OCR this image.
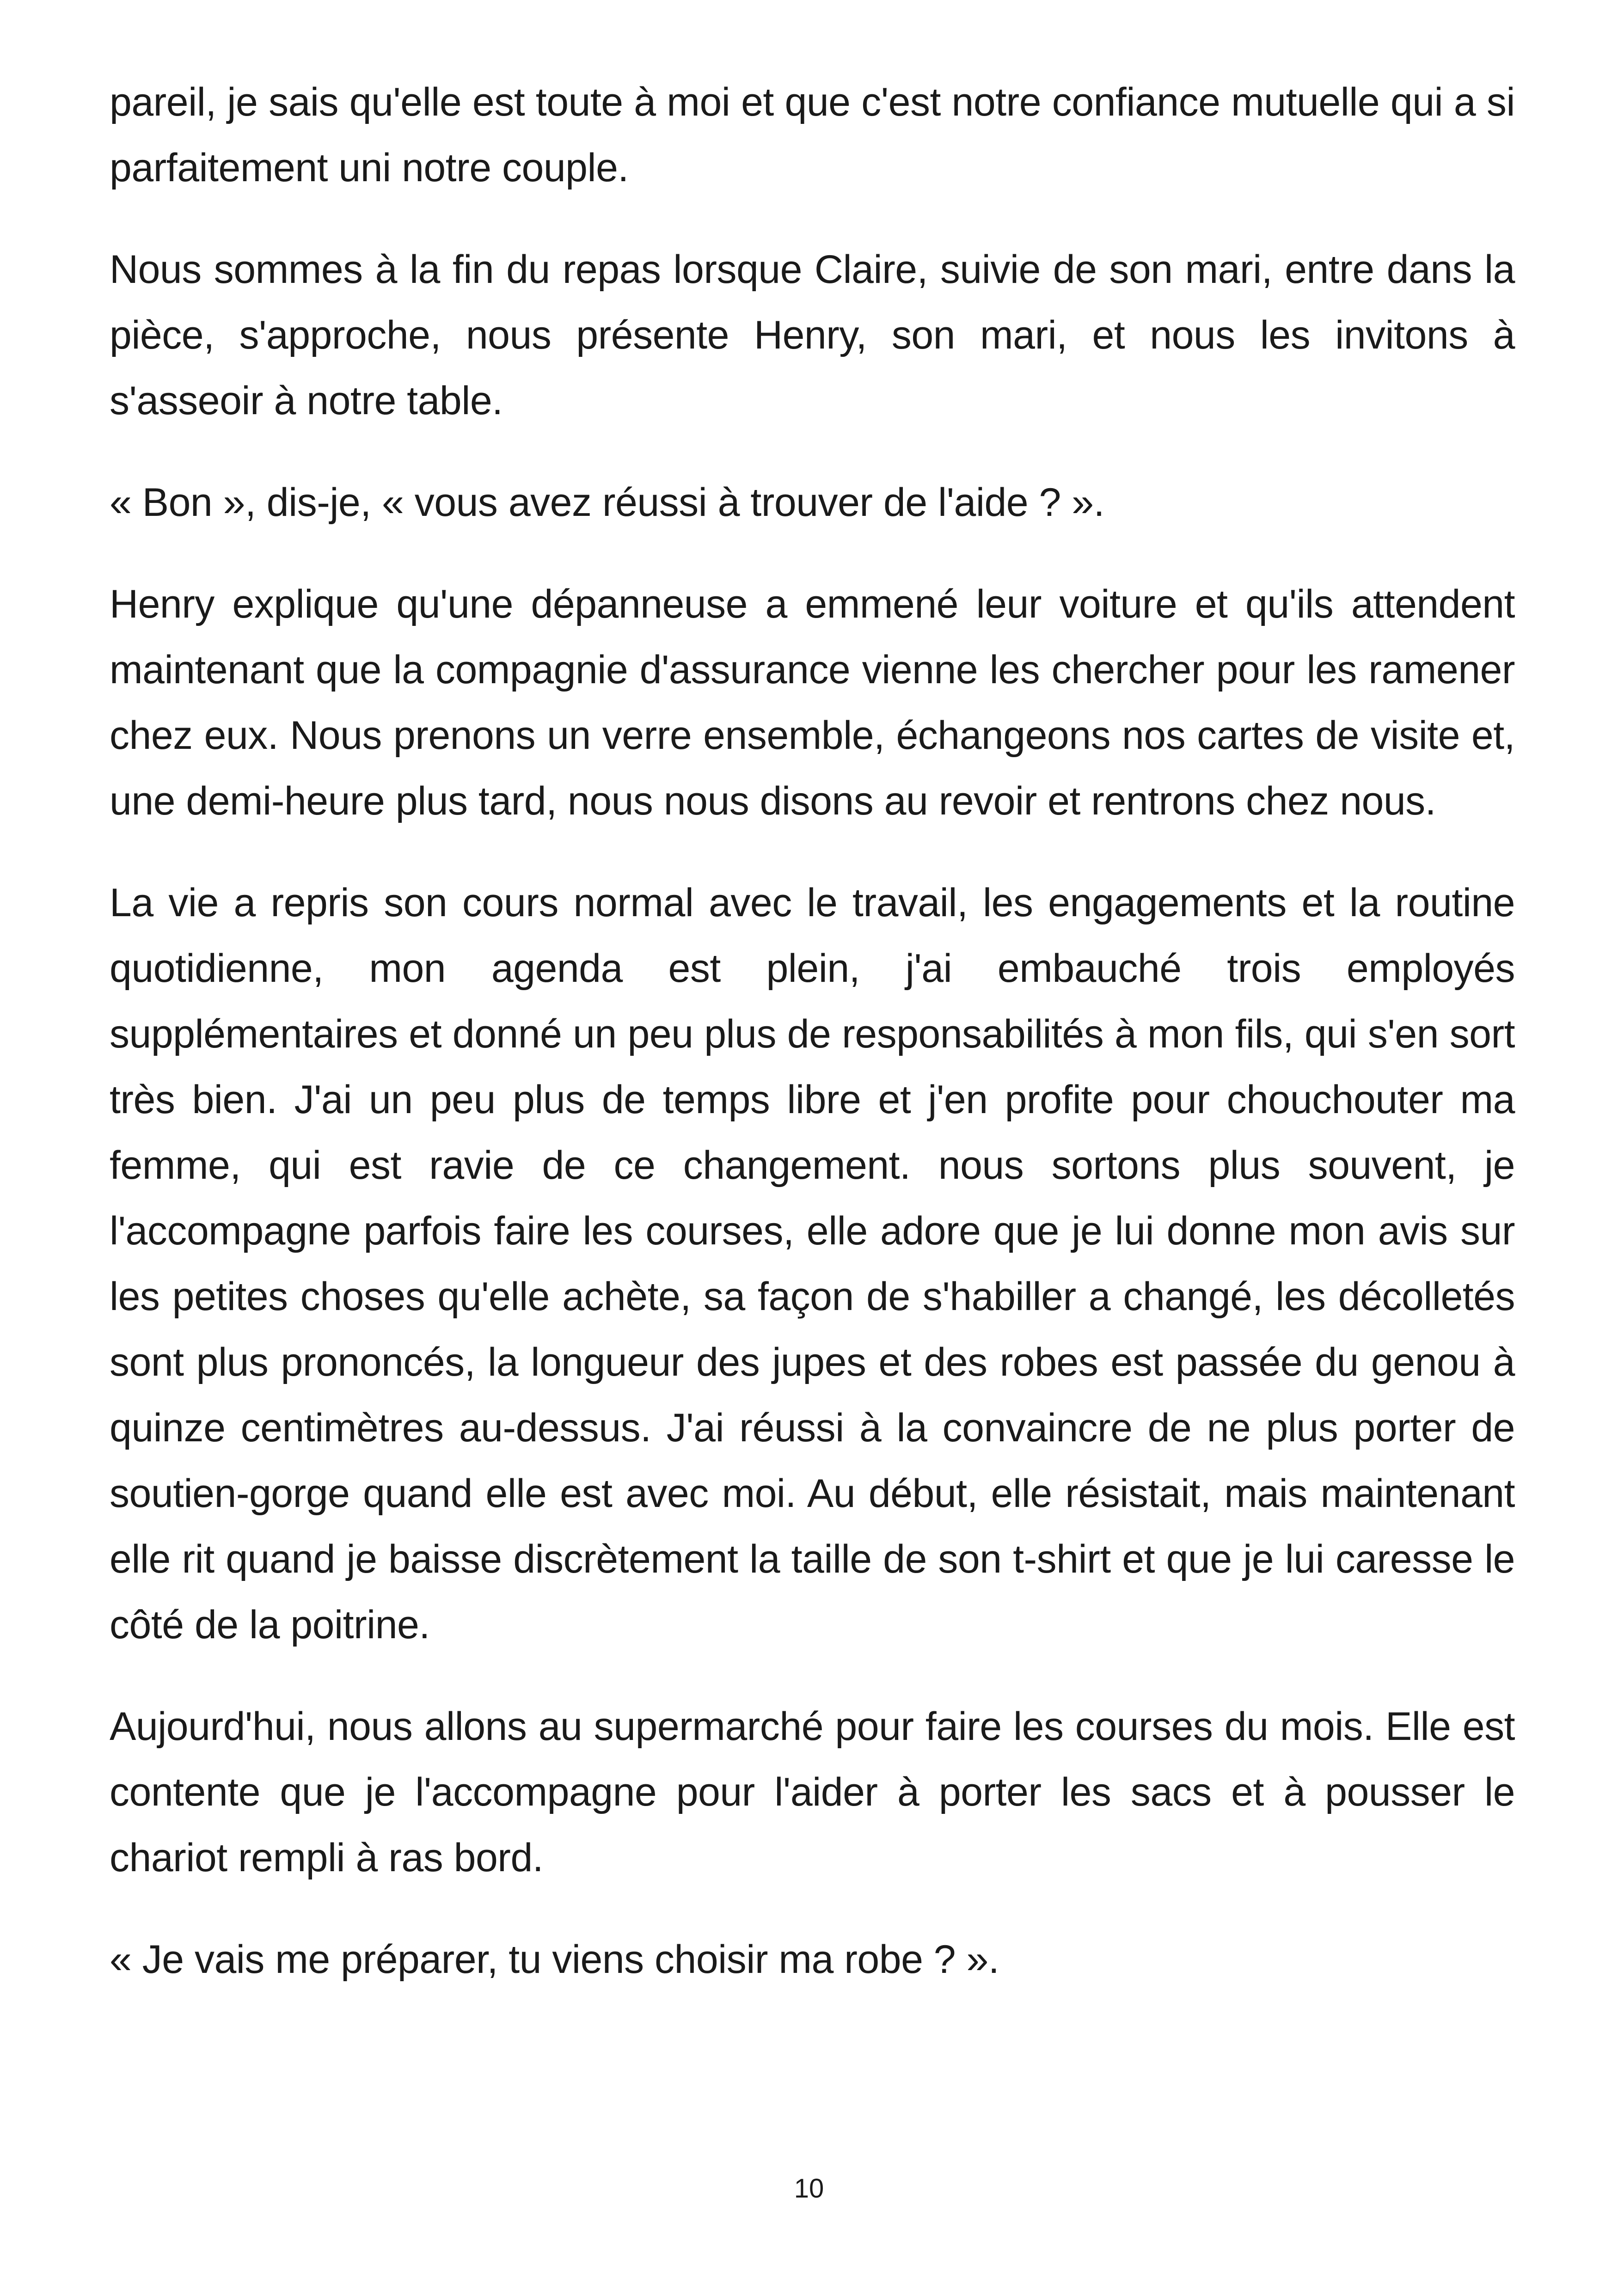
pareil, je sais qu'elle est toute à moi et que c'est notre confiance mutuelle qui a si parfaitement uni notre couple.

Nous sommes à la fin du repas lorsque Claire, suivie de son mari, entre dans la pièce, s'approche, nous présente Henry, son mari, et nous les invitons à s'asseoir à notre table.

« Bon », dis-je, « vous avez réussi à trouver de l'aide ? ».

Henry explique qu'une dépanneuse a emmené leur voiture et qu'ils attendent maintenant que la compagnie d'assurance vienne les chercher pour les ramener chez eux. Nous prenons un verre ensemble, échangeons nos cartes de visite et, une demi-heure plus tard, nous nous disons au revoir et rentrons chez nous.

La vie a repris son cours normal avec le travail, les engagements et la routine quotidienne, mon agenda est plein, j'ai embauché trois employés supplémentaires et donné un peu plus de responsabilités à mon fils, qui s'en sort très bien. J'ai un peu plus de temps libre et j'en profite pour chouchouter ma femme, qui est ravie de ce changement. nous sortons plus souvent, je l'accompagne parfois faire les courses, elle adore que je lui donne mon avis sur les petites choses qu'elle achète, sa façon de s'habiller a changé, les décolletés sont plus prononcés, la longueur des jupes et des robes est passée du genou à quinze centimètres au-dessus. J'ai réussi à la convaincre de ne plus porter de soutien-gorge quand elle est avec moi. Au début, elle résistait, mais maintenant elle rit quand je baisse discrètement la taille de son t-shirt et que je lui caresse le côté de la poitrine.

Aujourd'hui, nous allons au supermarché pour faire les courses du mois. Elle est contente que je l'accompagne pour l'aider à porter les sacs et à pousser le chariot rempli à ras bord.

« Je vais me préparer, tu viens choisir ma robe ? ».

10
